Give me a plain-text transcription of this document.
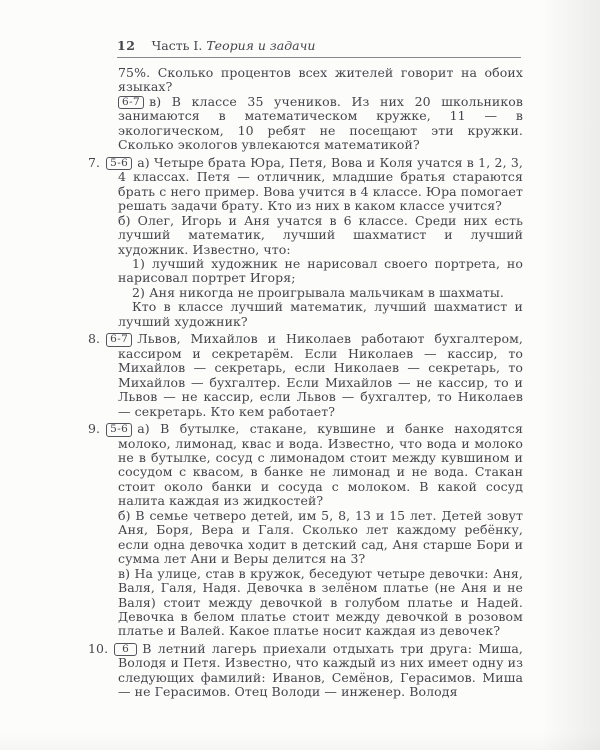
12 Часть I. Теория и задачи

75%. Сколько процентов всех жителей говорит на обоих языках?

6-7 в) В классе 35 учеников. Из них 20 школьников занимаются в математическом кружке, 11 — в экологическом, 10 ребят не посещают эти кружки. Сколько экологов увлекаются математикой?

7. 5-6 а) Четыре брата Юра, Петя, Вова и Коля учатся в 1, 2, 3, 4 классах. Петя — отличник, младшие братья стараются брать с него пример. Вова учится в 4 классе. Юра помогает решать задачи брату. Кто из них в каком классе учится?

б) Олег, Игорь и Аня учатся в 6 классе. Среди них есть лучший математик, лучший шахматист и лучший художник. Известно, что:

1) лучший художник не нарисовал своего портрета, но нарисовал портрет Игоря;

2) Аня никогда не проигрывала мальчикам в шахматы.

Кто в классе лучший математик, лучший шахматист и лучший художник?

8. 6-7 Львов, Михайлов и Николаев работают бухгалтером, кассиром и секретарём. Если Николаев — кассир, то Михайлов — секретарь, если Николаев — секретарь, то Михайлов — бухгалтер. Если Михайлов — не кассир, то и Львов — не кассир, если Львов — бухгалтер, то Николаев — секретарь. Кто кем работает?

9. 5-6 а) В бутылке, стакане, кувшине и банке находятся молоко, лимонад, квас и вода. Известно, что вода и молоко не в бутылке, сосуд с лимонадом стоит между кувшином и сосудом с квасом, в банке не лимонад и не вода. Стакан стоит около банки и сосуда с молоком. В какой сосуд налита каждая из жидкостей?

б) В семье четверо детей, им 5, 8, 13 и 15 лет. Детей зовут Аня, Боря, Вера и Галя. Сколько лет каждому ребёнку, если одна девочка ходит в детский сад, Аня старше Бори и сумма лет Ани и Веры делится на 3?

в) На улице, став в кружок, беседуют четыре девочки: Аня, Валя, Галя, Надя. Девочка в зелёном платье (не Аня и не Валя) стоит между девочкой в голубом платье и Надей. Девочка в белом платье стоит между девочкой в розовом платье и Валей. Какое платье носит каждая из девочек?

10. 6 В летний лагерь приехали отдыхать три друга: Миша, Володя и Петя. Известно, что каждый из них имеет одну из следующих фамилий: Иванов, Семёнов, Герасимов. Миша — не Герасимов. Отец Володи — инженер. Володя
